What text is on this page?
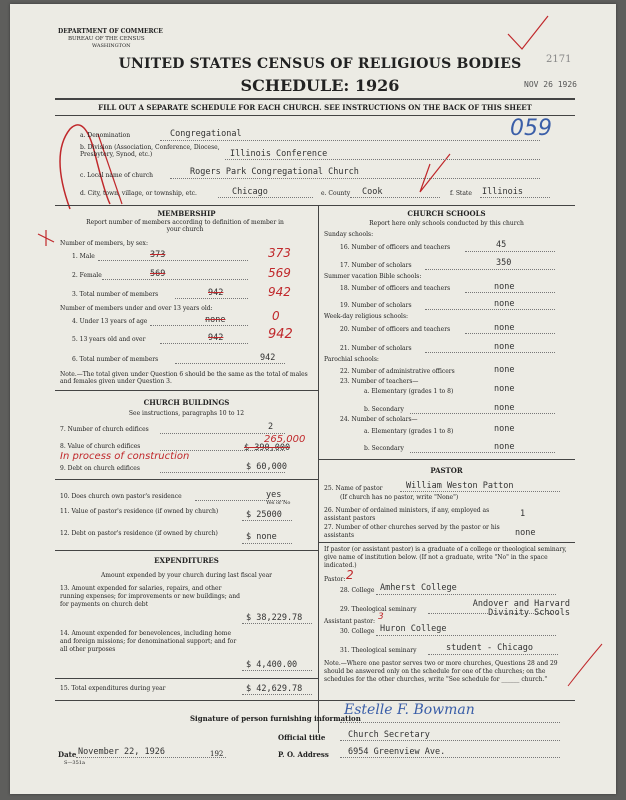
DEPARTMENT OF COMMERCE
BUREAU OF THE CENSUS
WASHINGTON
UNITED STATES CENSUS OF RELIGIOUS BODIES
SCHEDULE: 1926
2171
NOV 26 1926
059
FILL OUT A SEPARATE SCHEDULE FOR EACH CHURCH. SEE INSTRUCTIONS ON THE BACK OF THIS SHEET
a. Denomination	Congregational
b. Division (Association, Conference, Diocese, Presbytery, Synod, etc.)	Illinois Conference
c. Local name of church	Rogers Park Congregational Church
d. City, town, village, or township, etc.	Chicago	e. County Cook	f. State Illinois
MEMBERSHIP
Report number of members according to definition of member in your church
Number of members, by sex:
1. Male	373	373
2. Female	569	569
3. Total number of members	942	942
Number of members under and over 13 years old:
4. Under 13 years of age	none	0
5. 13 years old and over	942	942
6. Total number of members	942
Note.—The total given under Question 6 should be the same as the total of males and females given under Question 3.
CHURCH BUILDINGS
See instructions, paragraphs 10 to 12
7. Number of church edifices	2
8. Value of church edifices	$ 390,000
265,000
In process of construction
9. Debt on church edifices	$ 60,000
10. Does church own pastor's residence	yes
Yes or No
11. Value of pastor's residence (if owned by church)	$ 25000
12. Debt on pastor's residence (if owned by church)	$ none
EXPENDITURES
Amount expended by your church during last fiscal year
13. Amount expended for salaries, repairs, and other running expenses; for improvements or new buildings; and for payments on church debt
$ 38,229.78
14. Amount expended for benevolences, including home and foreign missions; for denominational support; and for all other purposes
$ 4,400.00
15. Total expenditures during year	$ 42,629.78
CHURCH SCHOOLS
Report here only schools conducted by this church
Sunday schools:
16. Number of officers and teachers	45
17. Number of scholars	350
Summer vacation Bible schools:
18. Number of officers and teachers	none
19. Number of scholars	none
Week-day religious schools:
20. Number of officers and teachers	none
21. Number of scholars	none
Parochial schools:
22. Number of administrative officers	none
23. Number of teachers—
a. Elementary (grades 1 to 8)	none
b. Secondary	none
24. Number of scholars—
a. Elementary (grades 1 to 8)	none
b. Secondary	none
PASTOR
25. Name of pastor	William Weston Patton
(If church has no pastor, write "None")
26. Number of ordained ministers, if any, employed as assistant pastors	1
27. Number of other churches served by the pastor or his assistants	none
If pastor (or assistant pastor) is a graduate of a college or theological seminary, give name of institution below. (If not a graduate, write "No" in the space indicated.)
Pastor: 2
28. College Amherst College
29. Theological seminary
Andover and Harvard Divinity Schools
Assistant pastor: 3
30. College Huron College
31. Theological seminary	student - Chicago
Note.—Where one pastor serves two or more churches, Questions 28 and 29 should be answered only on the schedule for one of the churches; on the schedules for the other churches, write "See schedule for ______ church."
Signature of person furnishing information
Estelle F. Bowman
Official title	Church Secretary
Date November 22, 1926	192	P. O. Address 6954 Greenview Ave.
S—351a
